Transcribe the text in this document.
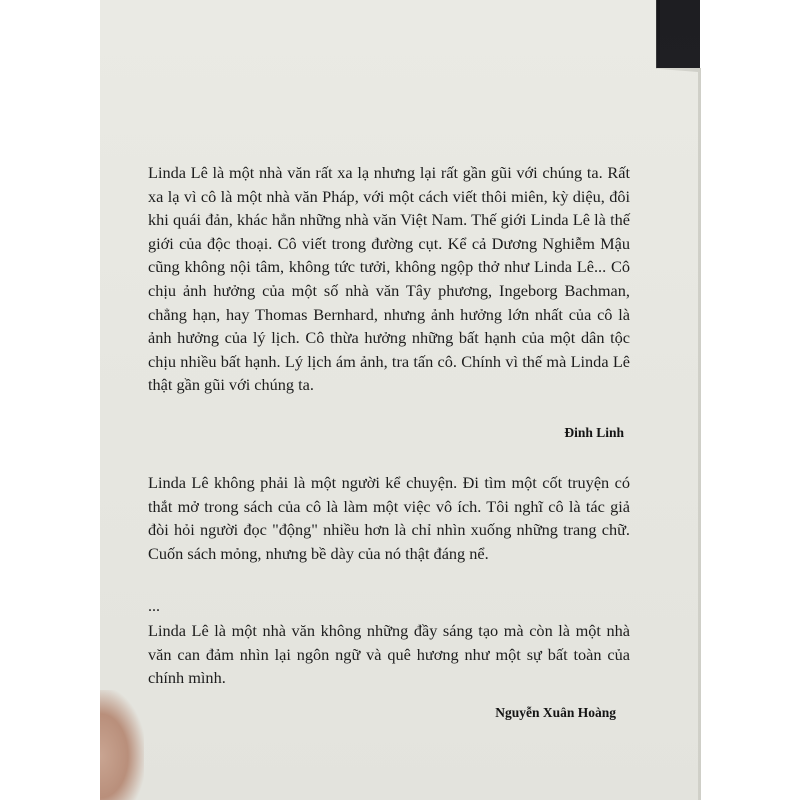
Linda Lê là một nhà văn rất xa lạ nhưng lại rất gần gũi với chúng ta. Rất xa lạ vì cô là một nhà văn Pháp, với một cách viết thôi miên, kỳ diệu, đôi khi quái đản, khác hẳn những nhà văn Việt Nam. Thế giới Linda Lê là thế giới của độc thoại. Cô viết trong đường cụt. Kể cả Dương Nghiễm Mậu cũng không nội tâm, không tức tưởi, không ngộp thở như Linda Lê... Cô chịu ảnh hưởng của một số nhà văn Tây phương, Ingeborg Bachman, chẳng hạn, hay Thomas Bernhard, nhưng ảnh hưởng lớn nhất của cô là ảnh hưởng của lý lịch. Cô thừa hưởng những bất hạnh của một dân tộc chịu nhiều bất hạnh. Lý lịch ám ảnh, tra tấn cô. Chính vì thế mà Linda Lê thật gần gũi với chúng ta.

Đinh Linh

Linda Lê không phải là một người kể chuyện. Đi tìm một cốt truyện có thắt mở trong sách của cô là làm một việc vô ích. Tôi nghĩ cô là tác giả đòi hỏi người đọc "động" nhiều hơn là chỉ nhìn xuống những trang chữ. Cuốn sách mỏng, nhưng bề dày của nó thật đáng nể.

...

Linda Lê là một nhà văn không những đầy sáng tạo mà còn là một nhà văn can đảm nhìn lại ngôn ngữ và quê hương như một sự bất toàn của chính mình.

Nguyễn Xuân Hoàng
